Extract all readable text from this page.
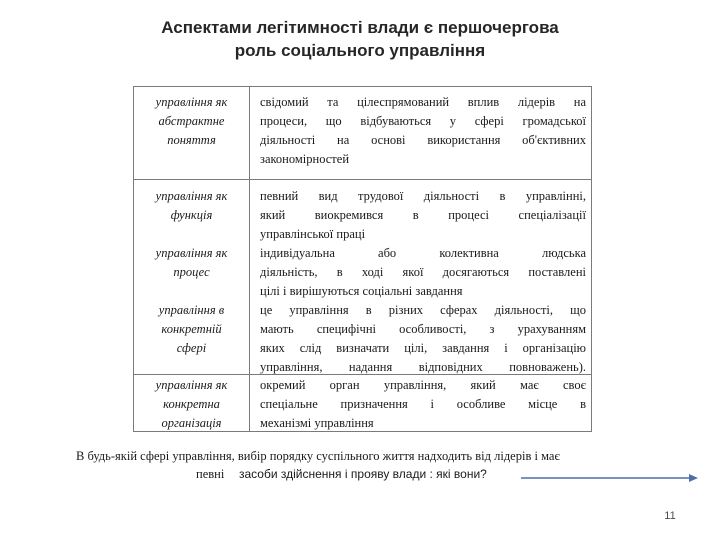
Аспектами легітимності влади є першочергова
роль соціального управління
управління як
абстрактне
поняття
свідомий та цілеспрямований вплив лідерів на
процеси, що відбуваються у сфері громадської
діяльності на основі використання об'єктивних
закономірностей
управління як
функція
певний вид трудової діяльності в управлінні,
який виокремився в процесі спеціалізації
управлінської праці
управління як
процес
індивідуальна або колективна людська
діяльність, в ході якої досягаються поставлені
цілі і вирішуються соціальні завдання
управління в
конкретній
сфері
це управління в різних сферах діяльності, що
мають специфічні особливості, з урахуванням
яких слід визначати цілі, завдання і організацію
управління, надання відповідних повноважень).
управління як
конкретна
організація
окремий орган управління, який має своє
спеціальне призначення і особливе місце в
механізмі управління
В будь-якій сфері управління, вибір порядку суспільного життя надходить від лідерів і має
певні засоби здійснення і прояву влади : які вони?
11
